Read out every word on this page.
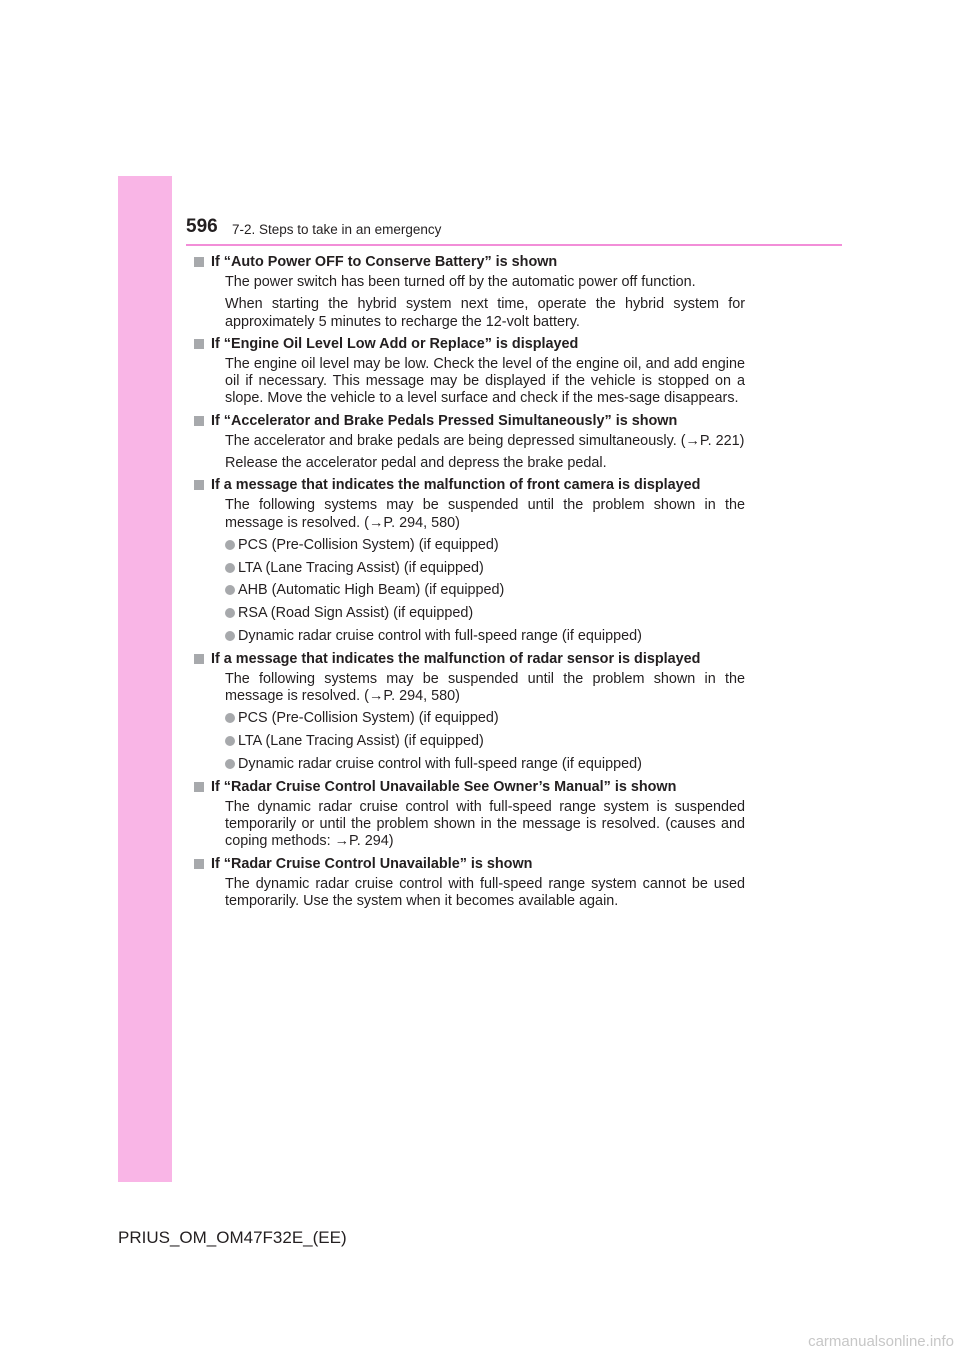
596 7-2. Steps to take in an emergency
If “Auto Power OFF to Conserve Battery” is shown
The power switch has been turned off by the automatic power off function.
When starting the hybrid system next time, operate the hybrid system for approximately 5 minutes to recharge the 12-volt battery.
If “Engine Oil Level Low Add or Replace” is displayed
The engine oil level may be low. Check the level of the engine oil, and add engine oil if necessary. This message may be displayed if the vehicle is stopped on a slope. Move the vehicle to a level surface and check if the mes-sage disappears.
If “Accelerator and Brake Pedals Pressed Simultaneously” is shown
The accelerator and brake pedals are being depressed simultaneously. (→P. 221)
Release the accelerator pedal and depress the brake pedal.
If a message that indicates the malfunction of front camera is displayed
The following systems may be suspended until the problem shown in the message is resolved. (→P. 294, 580)
PCS (Pre-Collision System) (if equipped)
LTA (Lane Tracing Assist) (if equipped)
AHB (Automatic High Beam) (if equipped)
RSA (Road Sign Assist) (if equipped)
Dynamic radar cruise control with full-speed range (if equipped)
If a message that indicates the malfunction of radar sensor is displayed
The following systems may be suspended until the problem shown in the message is resolved. (→P. 294, 580)
PCS (Pre-Collision System) (if equipped)
LTA (Lane Tracing Assist) (if equipped)
Dynamic radar cruise control with full-speed range (if equipped)
If “Radar Cruise Control Unavailable See Owner’s Manual” is shown
The dynamic radar cruise control with full-speed range system is suspended temporarily or until the problem shown in the message is resolved. (causes and coping methods: →P. 294)
If “Radar Cruise Control Unavailable” is shown
The dynamic radar cruise control with full-speed range system cannot be used temporarily. Use the system when it becomes available again.
PRIUS_OM_OM47F32E_(EE)
carmanualsonline.info
